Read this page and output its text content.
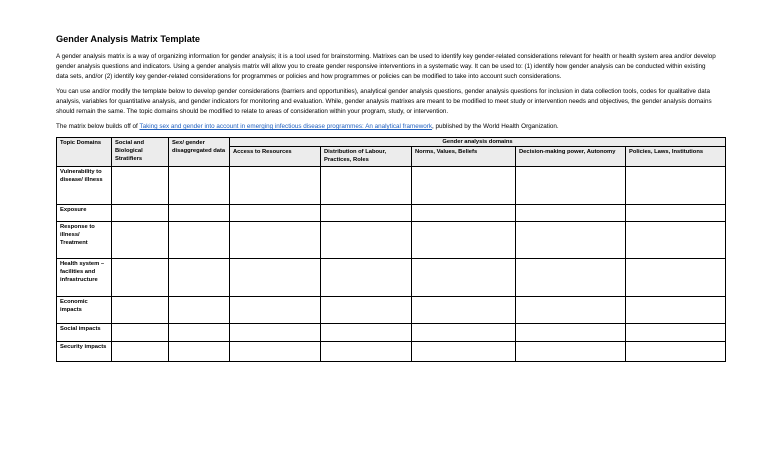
Gender Analysis Matrix Template

A gender analysis matrix is a way of organizing information for gender analysis; it is a tool used for brainstorming. Matrixes can be used to identify key gender-related considerations relevant for health or health system area and/or develop gender analysis questions and indicators. Using a gender analysis matrix will allow you to create gender responsive interventions in a systematic way. It can be used to: (1) identify how gender analysis can be conducted within existing data sets, and/or (2) identify key gender-related considerations for programmes or policies and how programmes or policies can be modified to take into account such considerations.

You can use and/or modify the template below to develop gender considerations (barriers and opportunities), analytical gender analysis questions, gender analysis questions for inclusion in data collection tools, codes for qualitative data analysis, variables for quantitative analysis, and gender indicators for monitoring and evaluation. While, gender analysis matrixes are meant to be modified to meet study or intervention needs and objectives, the gender analysis domains should remain the same. The topic domains should be modified to relate to areas of consideration within your program, study, or intervention.

The matrix below builds off of Taking sex and gender into account in emerging infectious disease programmes: An analytical framework, published by the World Health Organization.

Topic Domains	Social and Biological Stratifiers	Sex/ gender disaggregated data	Gender analysis domains				
			Access to Resources	Distribution of Labour, Practices, Roles	Norms, Values, Beliefs	Decision-making power, Autonomy	Policies, Laws, Institutions
Vulnerability to disease/ illness							
Exposure							
Response to illness/ Treatment							
Health system – facilities and infrastructure							
Economic impacts							
Social impacts							
Security impacts							
